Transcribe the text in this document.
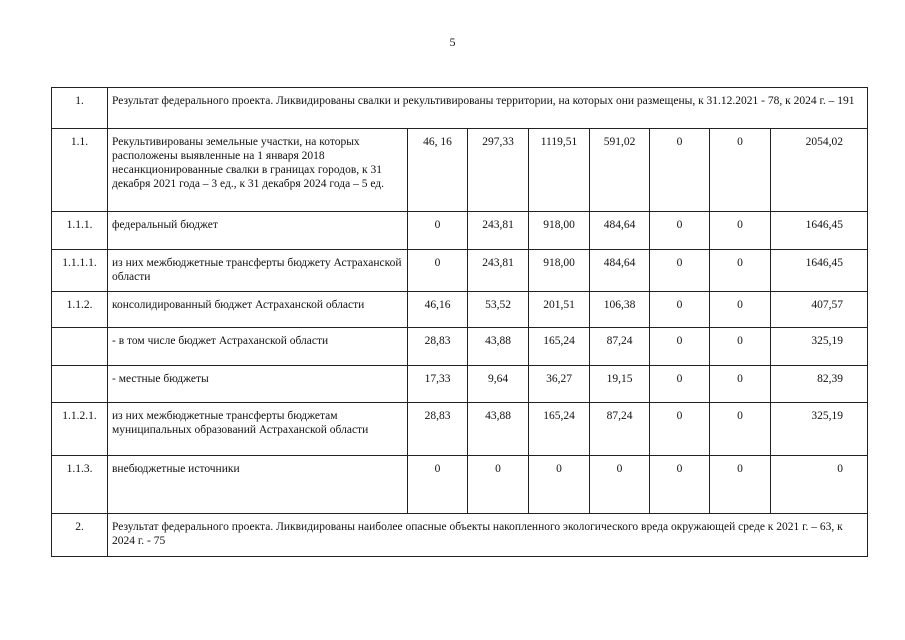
5
1.	Результат федерального проекта. Ликвидированы свалки и рекультивированы территории, на которых они размещены, к 31.12.2021 - 78, к 2024 г. – 191							
1.1.	Рекультивированы земельные участки, на которых расположены выявленные на 1 января 2018 несанкционированные свалки в границах городов, к 31 декабря 2021 года – 3 ед., к 31 декабря 2024 года – 5 ед.	46, 16	297,33	1119,51	591,02	0	0	2054,02
1.1.1.	федеральный бюджет	0	243,81	918,00	484,64	0	0	1646,45
1.1.1.1.	из них межбюджетные трансферты бюджету Астраханской области	0	243,81	918,00	484,64	0	0	1646,45
1.1.2.	консолидированный бюджет Астраханской области	46,16	53,52	201,51	106,38	0	0	407,57
	- в том числе бюджет Астраханской области	28,83	43,88	165,24	87,24	0	0	325,19
	- местные бюджеты	17,33	9,64	36,27	19,15	0	0	82,39
1.1.2.1.	из них межбюджетные трансферты бюджетам муниципальных образований Астраханской области	28,83	43,88	165,24	87,24	0	0	325,19
1.1.3.	внебюджетные источники	0	0	0	0	0	0	0
2.	Результат федерального проекта. Ликвидированы наиболее опасные объекты накопленного экологического вреда окружающей среде к 2021 г. – 63, к 2024 г. - 75							
